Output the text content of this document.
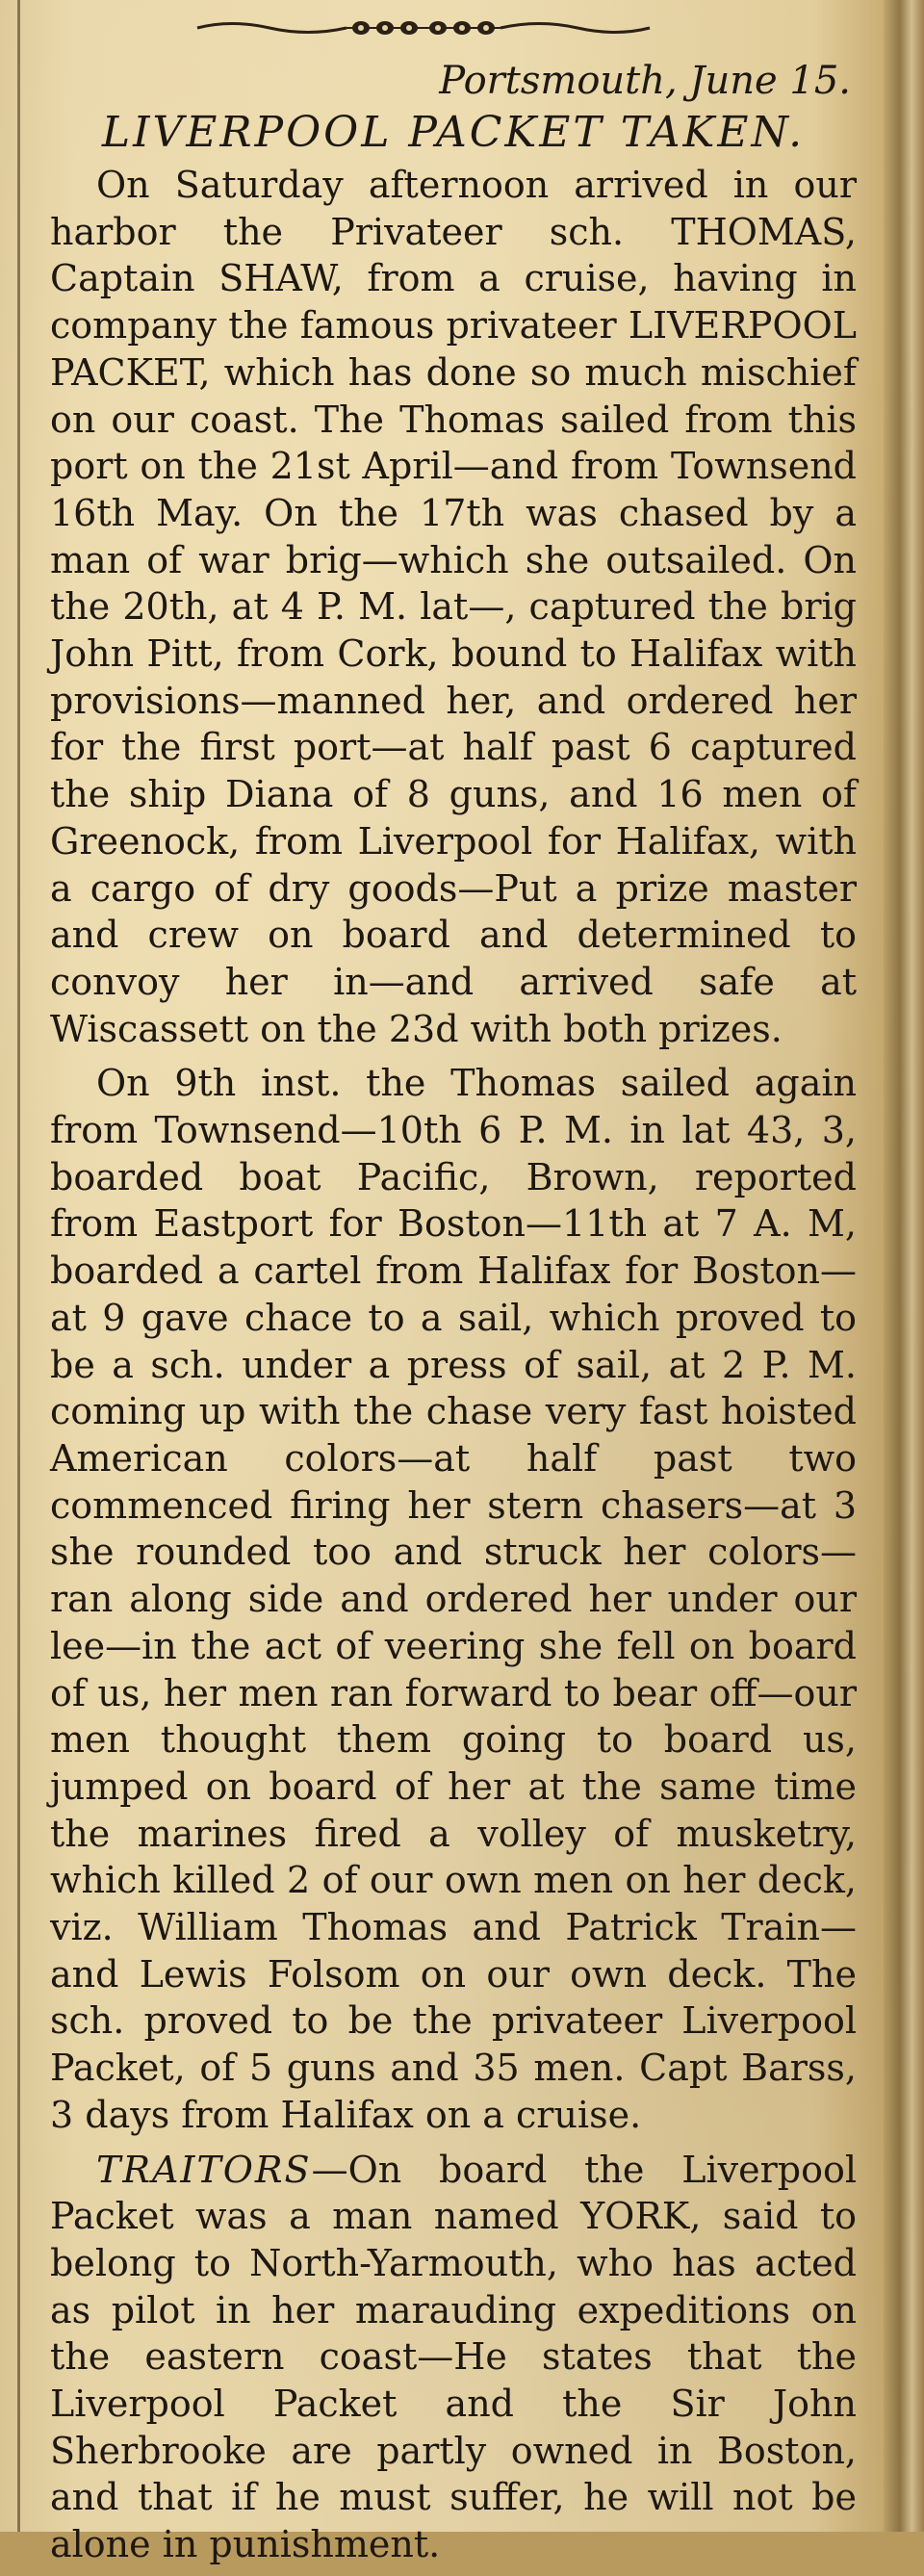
Portsmouth, June 15.
LIVERPOOL PACKET TAKEN.

On Saturday afternoon arrived in our harbor the Privateer sch. THOMAS, Captain SHAW, from a cruise, having in company the famous privateer LIVERPOOL PACKET, which has done so much mischief on our coast. The Thomas sailed from this port on the 21st April—and from Townsend 16th May. On the 17th was chased by a man of war brig—which she outsailed. On the 20th, at 4 P. M. lat—, captured the brig John Pitt, from Cork, bound to Halifax with provisions—manned her, and ordered her for the first port—at half past 6 captured the ship Diana of 8 guns, and 16 men of Greenock, from Liverpool for Halifax, with a cargo of dry goods—Put a prize master and crew on board and determined to convoy her in—and arrived safe at Wiscassett on the 23d with both prizes.

On 9th inst. the Thomas sailed again from Townsend—10th 6 P. M. in lat 43, 3, boarded boat Pacific, Brown, reported from Eastport for Boston—11th at 7 A. M, boarded a cartel from Halifax for Boston—at 9 gave chace to a sail, which proved to be a sch. under a press of sail, at 2 P. M. coming up with the chase very fast hoisted American colors—at half past two commenced firing her stern chasers—at 3 she rounded too and struck her colors—ran along side and ordered her under our lee—in the act of veering she fell on board of us, her men ran forward to bear off—our men thought them going to board us, jumped on board of her at the same time the marines fired a volley of musketry, which killed 2 of our own men on her deck, viz. William Thomas and Patrick Train—and Lewis Folsom on our own deck. The sch. proved to be the privateer Liverpool Packet, of 5 guns and 35 men. Capt Barss, 3 days from Halifax on a cruise.

TRAITORS—On board the Liverpool Packet was a man named YORK, said to belong to North-Yarmouth, who has acted as pilot in her marauding expeditions on the eastern coast—He states that the Liverpool Packet and the Sir John Sherbrooke are partly owned in Boston, and that if he must suffer, he will not be alone in punishment.
